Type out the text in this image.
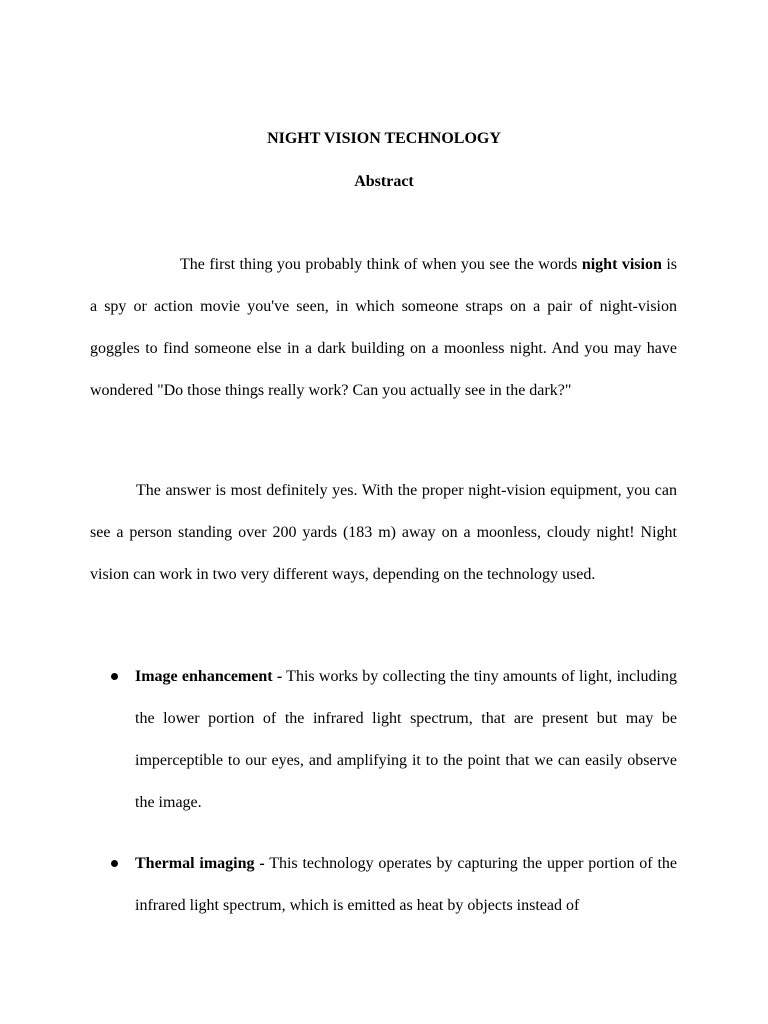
NIGHT VISION TECHNOLOGY
Abstract

The first thing you probably think of when you see the words night vision is a spy or action movie you've seen, in which someone straps on a pair of night-vision goggles to find someone else in a dark building on a moonless night. And you may have wondered "Do those things really work? Can you actually see in the dark?"

The answer is most definitely yes. With the proper night-vision equipment, you can see a person standing over 200 yards (183 m) away on a moonless, cloudy night! Night vision can work in two very different ways, depending on the technology used.

Image enhancement - This works by collecting the tiny amounts of light, including the lower portion of the infrared light spectrum, that are present but may be imperceptible to our eyes, and amplifying it to the point that we can easily observe the image.
Thermal imaging - This technology operates by capturing the upper portion of the infrared light spectrum, which is emitted as heat by objects instead of
